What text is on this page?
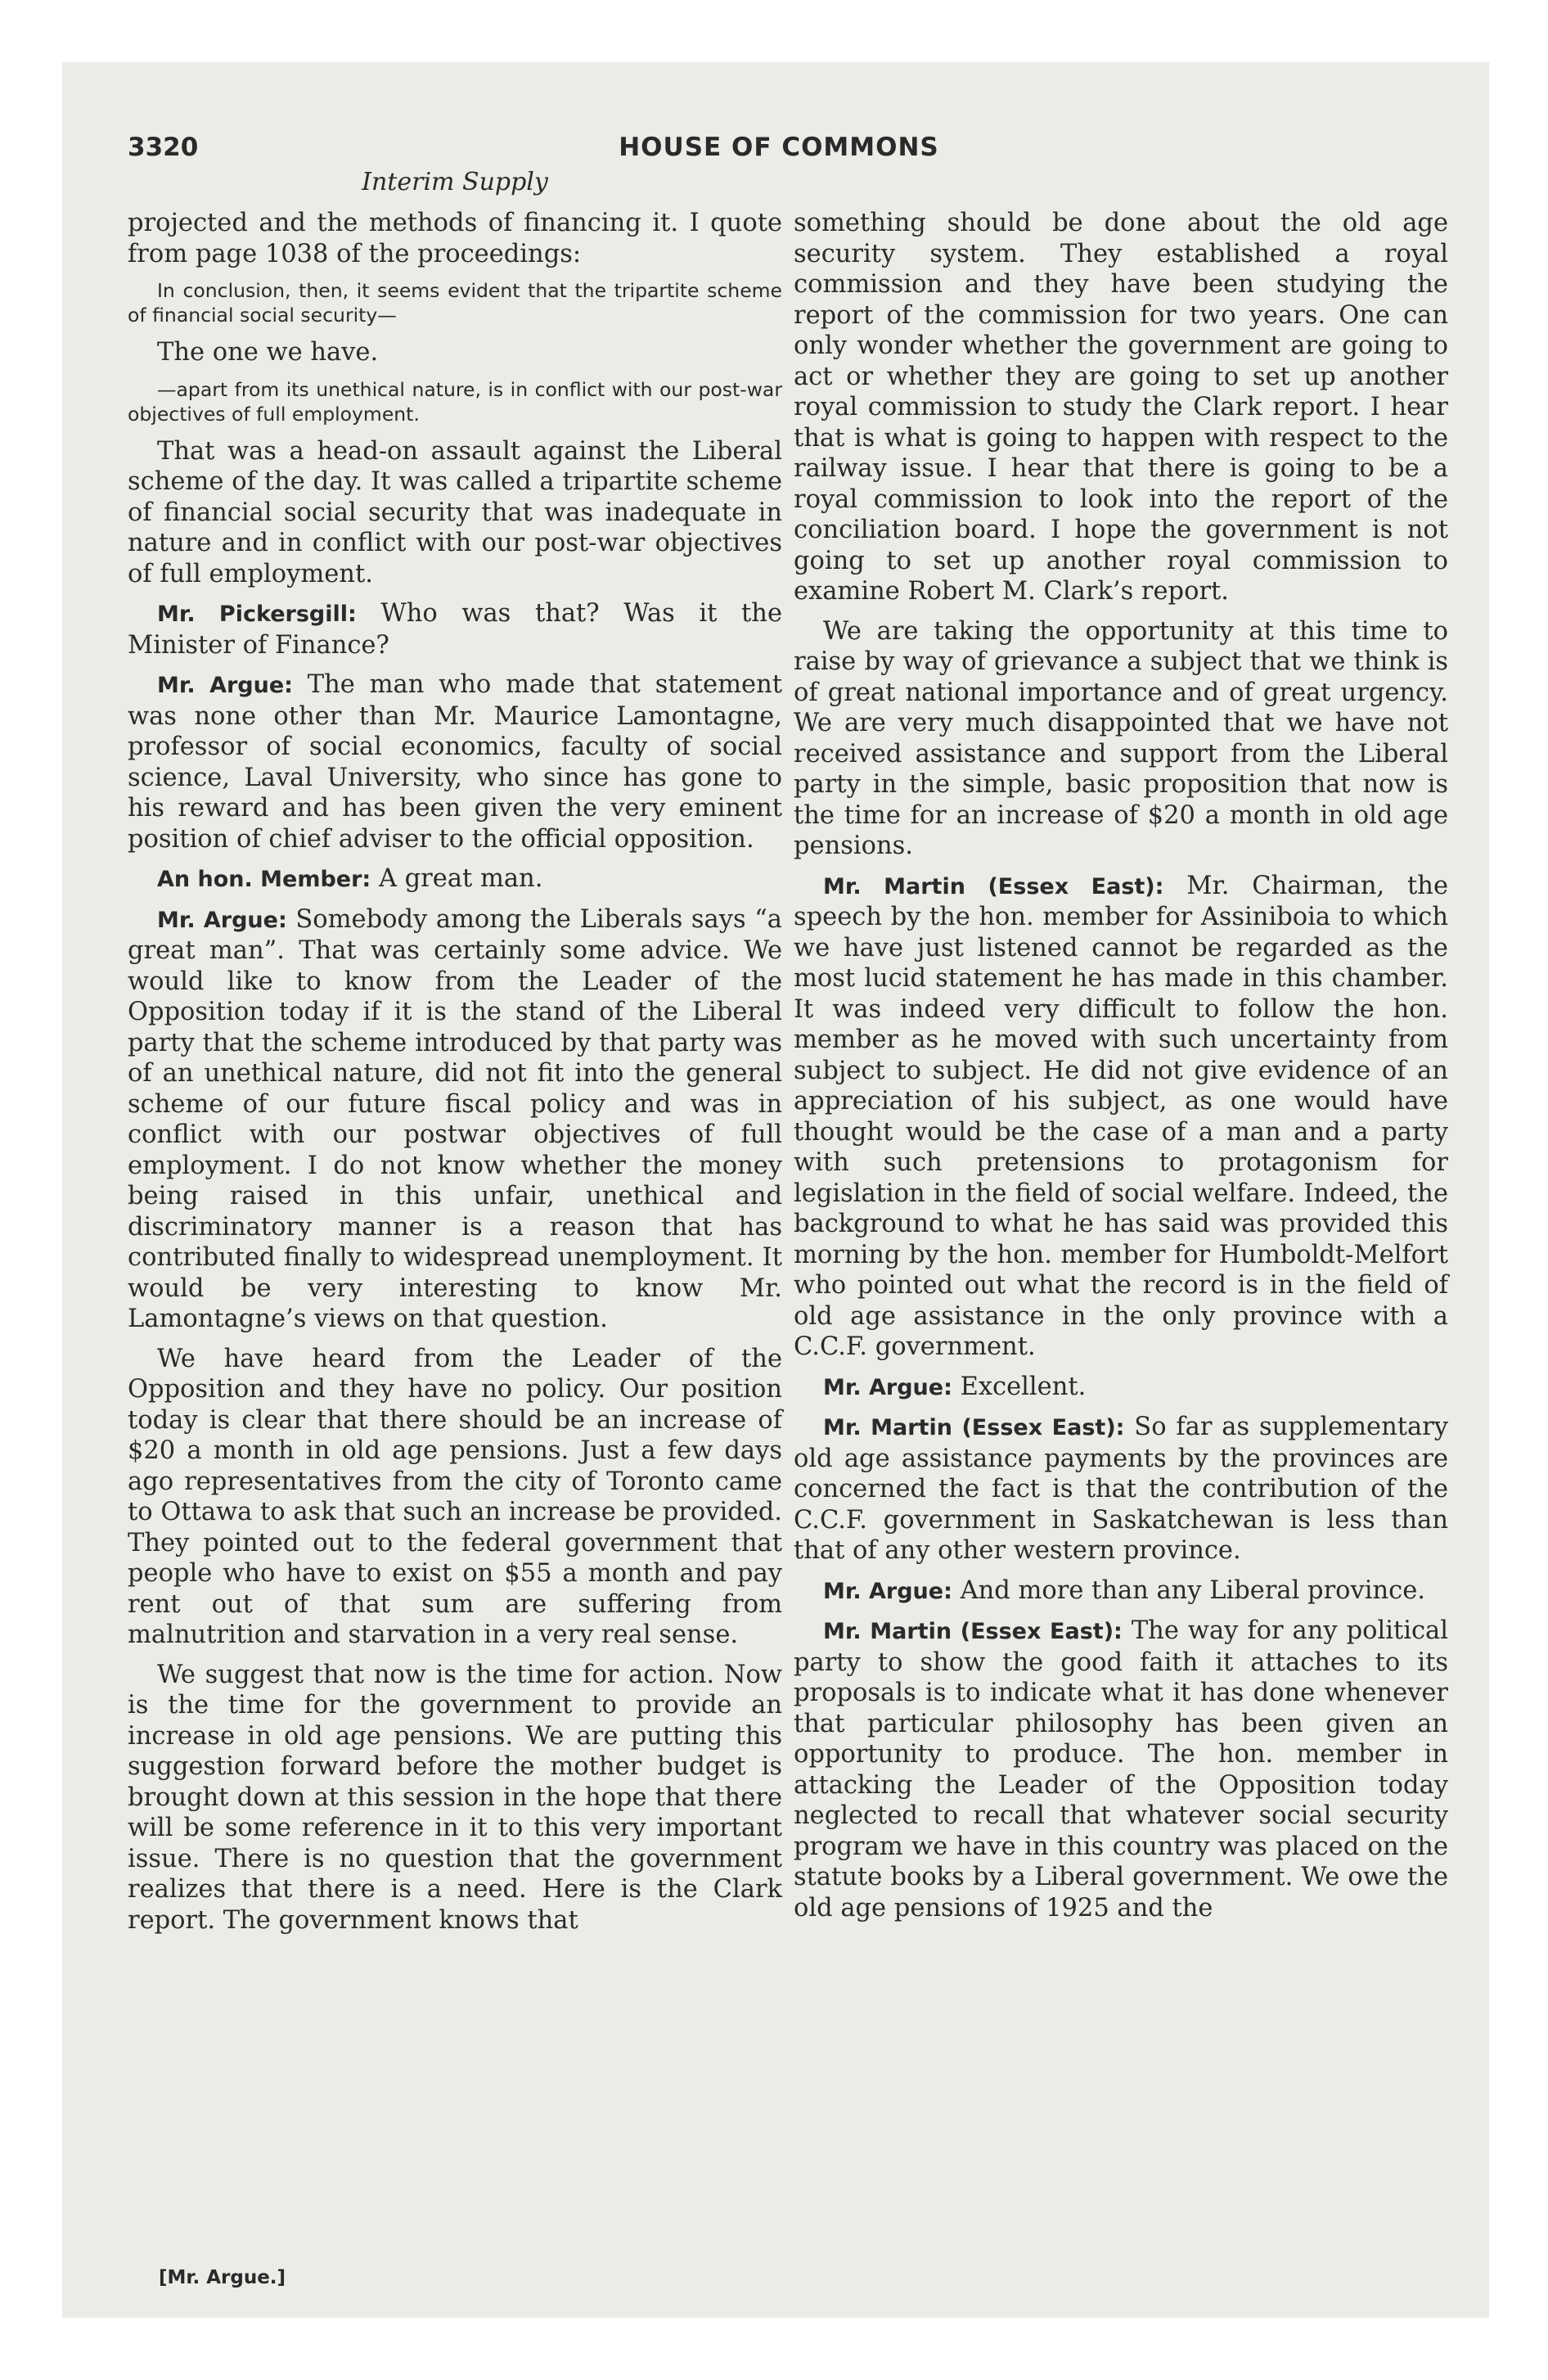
3320	HOUSE OF COMMONS
Interim Supply

projected and the methods of financing it. I quote from page 1038 of the proceedings:

In conclusion, then, it seems evident that the tripartite scheme of financial social security—

The one we have.

—apart from its unethical nature, is in conflict with our post-war objectives of full employment.

That was a head-on assault against the Liberal scheme of the day. It was called a tripartite scheme of financial social security that was inadequate in nature and in conflict with our post-war objectives of full employment.

Mr. Pickersgill: Who was that? Was it the Minister of Finance?

Mr. Argue: The man who made that statement was none other than Mr. Maurice Lamontagne, professor of social economics, faculty of social science, Laval University, who since has gone to his reward and has been given the very eminent position of chief adviser to the official opposition.

An hon. Member: A great man.

Mr. Argue: Somebody among the Liberals says “a great man”. That was certainly some advice. We would like to know from the Leader of the Opposition today if it is the stand of the Liberal party that the scheme introduced by that party was of an unethical nature, did not fit into the general scheme of our future fiscal policy and was in conflict with our postwar objectives of full employment. I do not know whether the money being raised in this unfair, unethical and discriminatory manner is a reason that has contributed finally to widespread unemployment. It would be very interesting to know Mr. Lamontagne’s views on that question.

We have heard from the Leader of the Opposition and they have no policy. Our position today is clear that there should be an increase of $20 a month in old age pensions. Just a few days ago representatives from the city of Toronto came to Ottawa to ask that such an increase be provided. They pointed out to the federal government that people who have to exist on $55 a month and pay rent out of that sum are suffering from malnutrition and starvation in a very real sense.

We suggest that now is the time for action. Now is the time for the government to provide an increase in old age pensions. We are putting this suggestion forward before the mother budget is brought down at this session in the hope that there will be some reference in it to this very important issue. There is no question that the government realizes that there is a need. Here is the Clark report. The government knows that

something should be done about the old age security system. They established a royal commission and they have been studying the report of the commission for two years. One can only wonder whether the government are going to act or whether they are going to set up another royal commission to study the Clark report. I hear that is what is going to happen with respect to the railway issue. I hear that there is going to be a royal commission to look into the report of the conciliation board. I hope the government is not going to set up another royal commission to examine Robert M. Clark’s report.

We are taking the opportunity at this time to raise by way of grievance a subject that we think is of great national importance and of great urgency. We are very much disappointed that we have not received assistance and support from the Liberal party in the simple, basic proposition that now is the time for an increase of $20 a month in old age pensions.

Mr. Martin (Essex East): Mr. Chairman, the speech by the hon. member for Assiniboia to which we have just listened cannot be regarded as the most lucid statement he has made in this chamber. It was indeed very difficult to follow the hon. member as he moved with such uncertainty from subject to subject. He did not give evidence of an appreciation of his subject, as one would have thought would be the case of a man and a party with such pretensions to protagonism for legislation in the field of social welfare. Indeed, the background to what he has said was provided this morning by the hon. member for Humboldt-Melfort who pointed out what the record is in the field of old age assistance in the only province with a C.C.F. government.

Mr. Argue: Excellent.

Mr. Martin (Essex East): So far as supplementary old age assistance payments by the provinces are concerned the fact is that the contribution of the C.C.F. government in Saskatchewan is less than that of any other western province.

Mr. Argue: And more than any Liberal province.

Mr. Martin (Essex East): The way for any political party to show the good faith it attaches to its proposals is to indicate what it has done whenever that particular philosophy has been given an opportunity to produce. The hon. member in attacking the Leader of the Opposition today neglected to recall that whatever social security program we have in this country was placed on the statute books by a Liberal government. We owe the old age pensions of 1925 and the

[Mr. Argue.]
